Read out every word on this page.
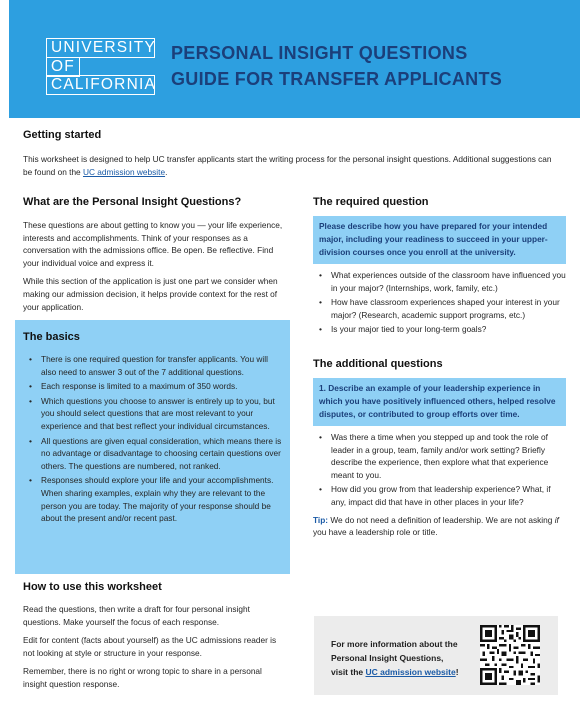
UNIVERSITY
OF
CALIFORNIA
PERSONAL INSIGHT QUESTIONS
GUIDE FOR TRANSFER APPLICANTS
Getting started

This worksheet is designed to help UC transfer applicants start the writing process for the personal insight questions. Additional suggestions can be found on the UC admission website.

What are the Personal Insight Questions?

These questions are about getting to know you — your life experience, interests and accomplishments. Think of your responses as a conversation with the admissions office. Be open. Be reflective. Find your individual voice and express it.

While this section of the application is just one part we consider when making our admission decision, it helps provide context for the rest of your application.

The basics
• There is one required question for transfer applicants. You will also need to answer 3 out of the 7 additional questions.
• Each response is limited to a maximum of 350 words.
• Which questions you choose to answer is entirely up to you, but you should select questions that are most relevant to your experience and that best reflect your individual circumstances.
• All questions are given equal consideration, which means there is no advantage or disadvantage to choosing certain questions over others. The questions are numbered, not ranked.
• Responses should explore your life and your accomplishments. When sharing examples, explain why they are relevant to the person you are today. The majority of your response should be about the present and/or recent past.
How to use this worksheet

Read the questions, then write a draft for four personal insight questions. Make yourself the focus of each response.

Edit for content (facts about yourself) as the UC admissions reader is not looking at style or structure in your response.

Remember, there is no right or wrong topic to share in a personal insight question response.

The required question
Please describe how you have prepared for your intended major, including your readiness to succeed in your upper-division courses once you enroll at the university.
• What experiences outside of the classroom have influenced you in your major? (Internships, work, family, etc.)
• How have classroom experiences shaped your interest in your major? (Research, academic support programs, etc.)
• Is your major tied to your long-term goals?
The additional questions
1. Describe an example of your leadership experience in which you have positively influenced others, helped resolve disputes, or contributed to group efforts over time.
• Was there a time when you stepped up and took the role of leader in a group, team, family and/or work setting? Briefly describe the experience, then explore what that experience meant to you.
• How did you grow from that leadership experience? What, if any, impact did that have in other places in your life?

Tip: We do not need a definition of leadership. We are not asking if you have a leadership role or title.

For more information about the
Personal Insight Questions,
visit the UC admission website!
